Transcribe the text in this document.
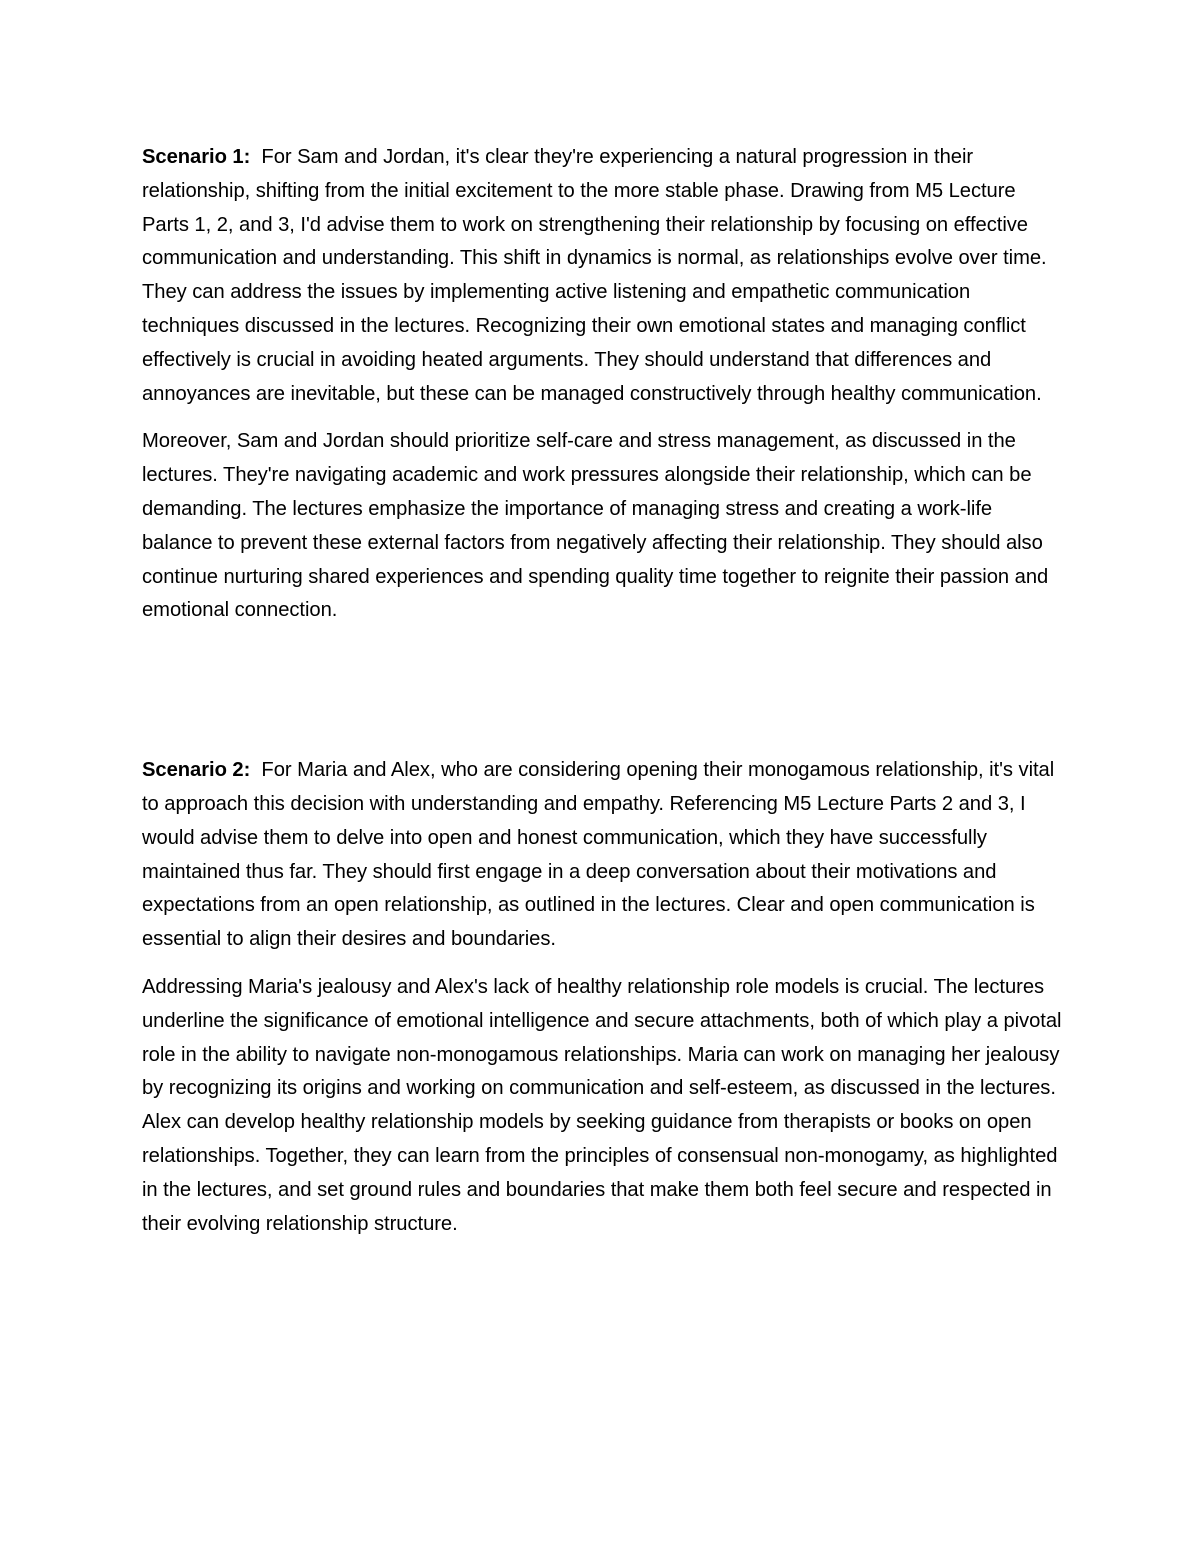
Scenario 1: For Sam and Jordan, it's clear they're experiencing a natural progression in their relationship, shifting from the initial excitement to the more stable phase. Drawing from M5 Lecture Parts 1, 2, and 3, I'd advise them to work on strengthening their relationship by focusing on effective communication and understanding. This shift in dynamics is normal, as relationships evolve over time. They can address the issues by implementing active listening and empathetic communication techniques discussed in the lectures. Recognizing their own emotional states and managing conflict effectively is crucial in avoiding heated arguments. They should understand that differences and annoyances are inevitable, but these can be managed constructively through healthy communication.

Moreover, Sam and Jordan should prioritize self-care and stress management, as discussed in the lectures. They're navigating academic and work pressures alongside their relationship, which can be demanding. The lectures emphasize the importance of managing stress and creating a work-life balance to prevent these external factors from negatively affecting their relationship. They should also continue nurturing shared experiences and spending quality time together to reignite their passion and emotional connection.

Scenario 2: For Maria and Alex, who are considering opening their monogamous relationship, it's vital to approach this decision with understanding and empathy. Referencing M5 Lecture Parts 2 and 3, I would advise them to delve into open and honest communication, which they have successfully maintained thus far. They should first engage in a deep conversation about their motivations and expectations from an open relationship, as outlined in the lectures. Clear and open communication is essential to align their desires and boundaries.

Addressing Maria's jealousy and Alex's lack of healthy relationship role models is crucial. The lectures underline the significance of emotional intelligence and secure attachments, both of which play a pivotal role in the ability to navigate non-monogamous relationships. Maria can work on managing her jealousy by recognizing its origins and working on communication and self-esteem, as discussed in the lectures. Alex can develop healthy relationship models by seeking guidance from therapists or books on open relationships. Together, they can learn from the principles of consensual non-monogamy, as highlighted in the lectures, and set ground rules and boundaries that make them both feel secure and respected in their evolving relationship structure.
